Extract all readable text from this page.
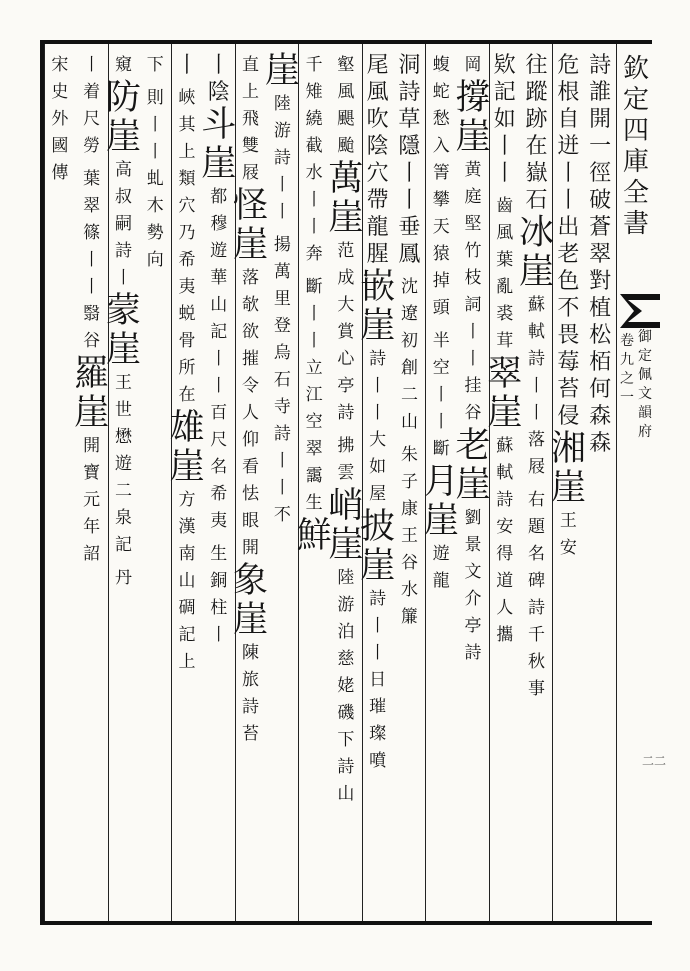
欽
定
四
庫
全
書
御
定
佩
文
韻
府
卷
九
之
一
二二
詩
誰
開
一
徑
破
蒼
翠
對
植
松
栢
何
森
森
危
根
自
迸
丨
丨
出
老
色
不
畏
莓
苔
侵
湘
崖
王
安
往
蹤
跡
在
嶽
石
冰
崖
蘇
軾
詩
丨
丨
落
屐
右
題
名
碑
詩
千
秋
事
欵
記
如
丨
丨
齒
風
葉
亂
裘
茸
翠
崖
蘇
軾
詩
安
得
道
人
攜
岡
撐
崖
黄
庭
堅
竹
枝
詞
丨
丨
挂
谷
老
崖
劉
景
文
介
亭
詩
蝮
蛇
愁
入
箐
攀
天
猿
掉
頭
半
空
丨
丨
斷
月
崖
遊
龍
洞
詩
草
隱
丨
丨
垂
鳳
沈
遼
初
創
二
山
朱
子
康
王
谷
水
簾
尾
風
吹
陰
穴
帶
龍
腥
嵌
崖
詩
丨
丨
大
如
屋
披
崖
詩
丨
丨
日
璀
璨
噴
壑
風
颶
颱
萬
崖
范
成
大
賞
心
亭
詩
拂
雲
峭
崖
陸
游
泊
慈
姥
磯
下
詩
山
千
雉
繞
截
水
丨
丨
奔
斷
丨
丨
立
江
空
翠
靄
生
鮮
崖
陸
游
詩
丨
丨
揚
萬
里
登
烏
石
寺
詩
丨
丨
不
直
上
飛
雙
屐
怪
崖
落
欹
欲
摧
令
人
仰
看
怯
眼
開
象
崖
陳
旅
詩
苔
丨
陰
斗
崖
都
穆
遊
華
山
記
丨
丨
百
尺
名
希
夷
生
銅
柱
丨
丨
峽
其
上
類
穴
乃
希
夷
蜕
骨
所
在
雄
崖
方
漢
南
山
碉
記
上
下
則
丨
丨
虬
木
勢
向
窺
防
崖
高
叔
嗣
詩
丨
蒙
崖
王
世
懋
遊
二
泉
記
丹
丨
着
尺
勞
葉
翠
篠
丨
丨
翳
谷
羅
崖
開
寶
元
年
詔
宋
史
外
國
傳
